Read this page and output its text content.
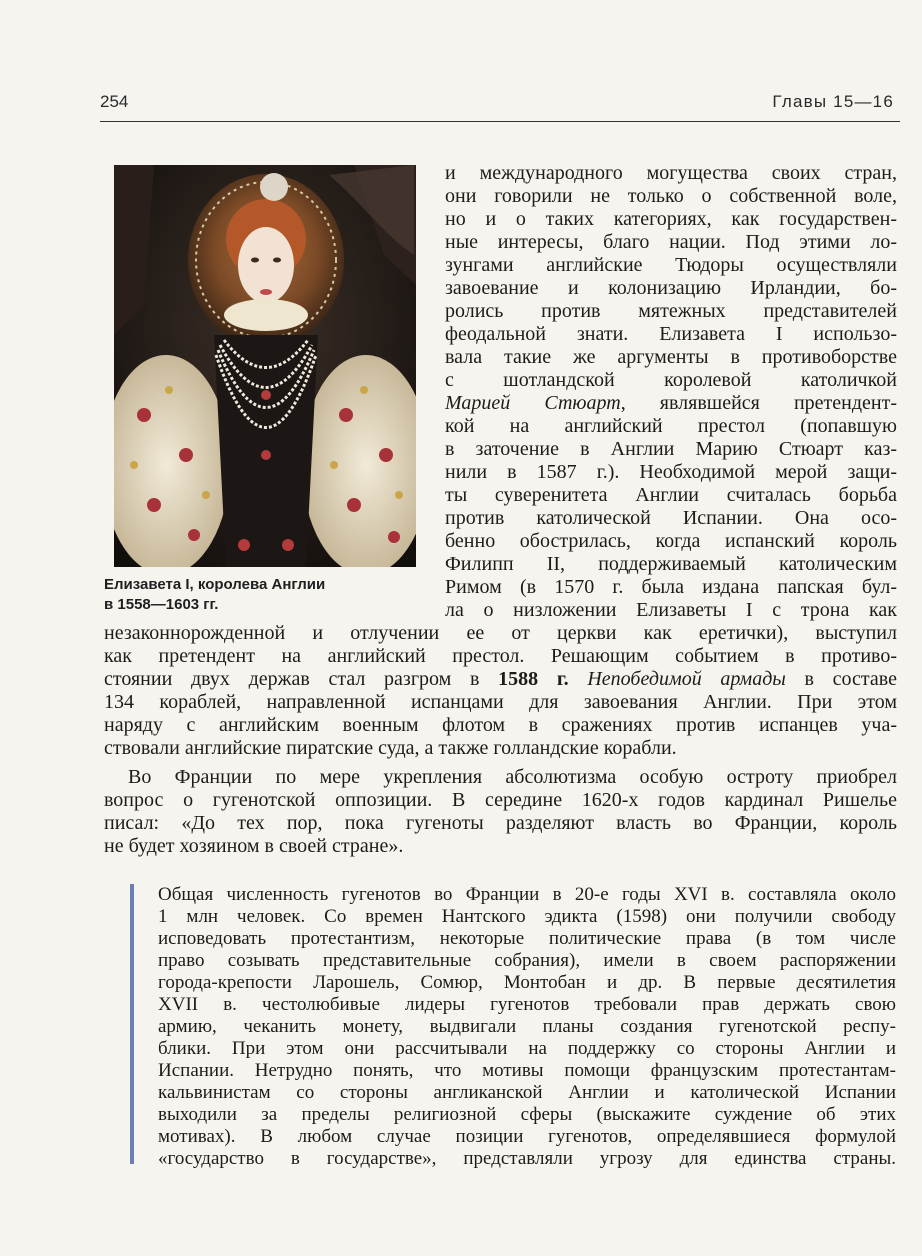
254	Главы 15—16
Елизавета I, королева Англии
в 1558—1603 гг.
и международного могущества своих стран,
они говорили не только о собственной воле,
но и о таких категориях, как государствен-
ные интересы, благо нации. Под этими ло-
зунгами английские Тюдоры осуществляли
завоевание и колонизацию Ирландии, бо-
ролись против мятежных представителей
феодальной знати. Елизавета I использо-
вала такие же аргументы в противоборстве
с шотландской королевой католичкой
Марией Стюарт, являвшейся претендент-
кой на английский престол (попавшую
в заточение в Англии Марию Стюарт каз-
нили в 1587 г.). Необходимой мерой защи-
ты суверенитета Англии считалась борьба
против католической Испании. Она осо-
бенно обострилась, когда испанский король
Филипп II, поддерживаемый католическим
Римом (в 1570 г. была издана папская бул-
ла о низложении Елизаветы I с трона как
незаконнорожденной и отлучении ее от церкви как еретички), выступил
как претендент на английский престол. Решающим событием в противо-
стоянии двух держав стал разгром в 1588 г. Непобедимой армады в составе
134 кораблей, направленной испанцами для завоевания Англии. При этом
наряду с английским военным флотом в сражениях против испанцев уча-
ствовали английские пиратские суда, а также голландские корабли.
Во Франции по мере укрепления абсолютизма особую остроту приобрел
вопрос о гугенотской оппозиции. В середине 1620-х годов кардинал Ришелье
писал: «До тех пор, пока гугеноты разделяют власть во Франции, король
не будет хозяином в своей стране».
Общая численность гугенотов во Франции в 20-е годы XVI в. составляла около
1 млн человек. Со времен Нантского эдикта (1598) они получили свободу
исповедовать протестантизм, некоторые политические права (в том числе
право созывать представительные собрания), имели в своем распоряжении
города-крепости Ларошель, Сомюр, Монтобан и др. В первые десятилетия
XVII в. честолюбивые лидеры гугенотов требовали прав держать свою
армию, чеканить монету, выдвигали планы создания гугенотской респу-
блики. При этом они рассчитывали на поддержку со стороны Англии и
Испании. Нетрудно понять, что мотивы помощи французским протестантам-
кальвинистам со стороны англиканской Англии и католической Испании
выходили за пределы религиозной сферы (выскажите суждение об этих
мотивах). В любом случае позиции гугенотов, определявшиеся формулой
«государство в государстве», представляли угрозу для единства страны.
